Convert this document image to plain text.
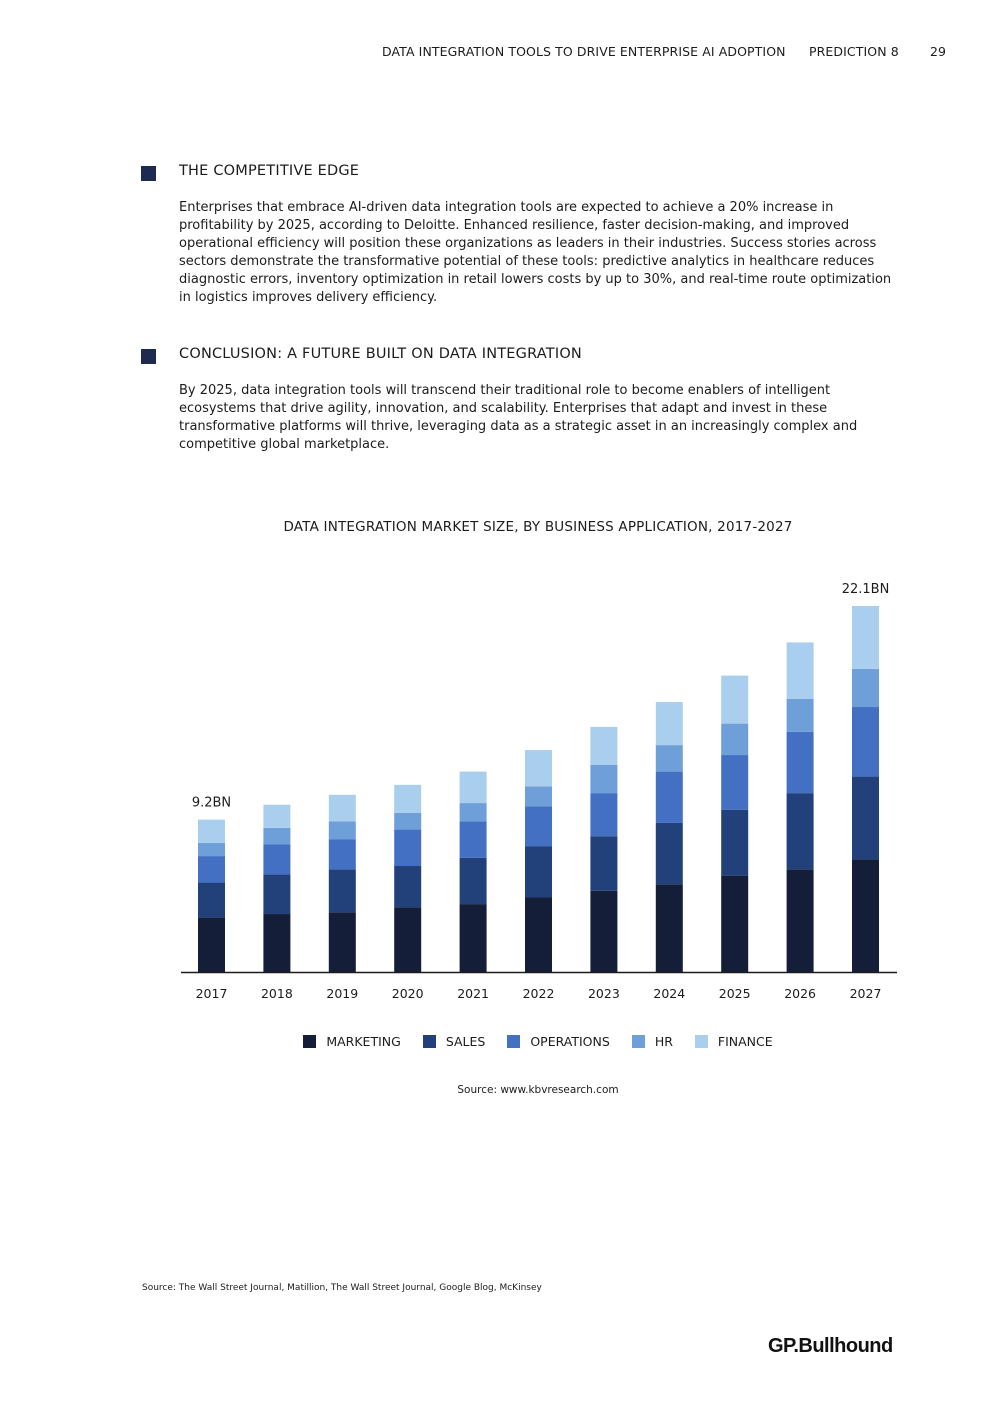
DATA INTEGRATION TOOLS TO DRIVE ENTERPRISE AI ADOPTION PREDICTION 8 29
THE COMPETITIVE EDGE

Enterprises that embrace AI-driven data integration tools are expected to achieve a 20% increase in profitability by 2025, according to Deloitte. Enhanced resilience, faster decision-making, and improved operational efficiency will position these organizations as leaders in their industries. Success stories across sectors demonstrate the transformative potential of these tools: predictive analytics in healthcare reduces diagnostic errors, inventory optimization in retail lowers costs by up to 30%, and real-time route optimization in logistics improves delivery efficiency.

CONCLUSION: A FUTURE BUILT ON DATA INTEGRATION

By 2025, data integration tools will transcend their traditional role to become enablers of intelligent ecosystems that drive agility, innovation, and scalability. Enterprises that adapt and invest in these transformative platforms will thrive, leveraging data as a strategic asset in an increasingly complex and competitive global marketplace.

DATA INTEGRATION MARKET SIZE, BY BUSINESS APPLICATION, 2017-2027
2017	2018	2019	2020	2021	2022	2023	2024	2025	2026	2027
9.2BN
22.1BN
MARKETING	SALES	OPERATIONS	HR	FINANCE
Source: www.kbvresearch.com
Source: The Wall Street Journal, Matillion, The Wall Street Journal, Google Blog, McKinsey
GP.Bullhound
